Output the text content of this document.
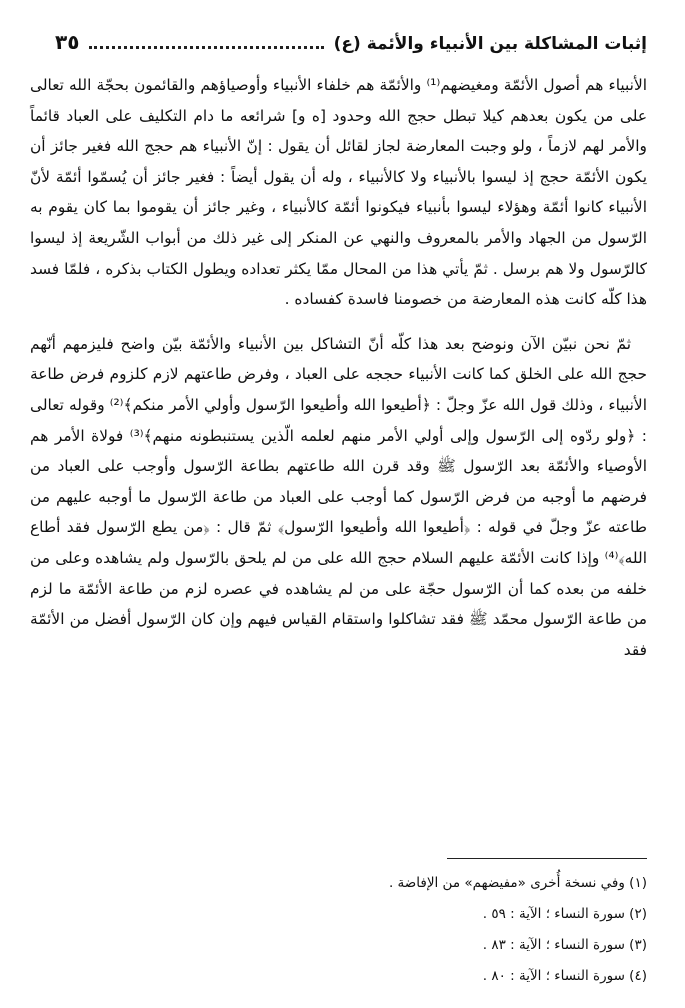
إثبات المشاكلة بين الأنبياء والأئمة (ع)
٣٥

الأنبياء هم أصول الأئمّة ومغيضهم⁽¹⁾ والأئمّة هم خلفاء الأنبياء وأوصياؤهم والقائمون بحجّة الله تعالى على من يكون بعدهم كيلا تبطل حجج الله وحدود [ه و] شرائعه ما دام التكليف على العباد قائماً والأمر لهم لازماً ، ولو وجبت المعارضة لجاز لقائل أن يقول : إنّ الأنبياء هم حجج الله فغير جائز أن يكون الأئمّة حجج إذ ليسوا بالأنبياء ولا كالأنبياء ، وله أن يقول أيضاً : فغير جائز أن يُسمّوا أئمّة لأنّ الأنبياء كانوا أئمّة وهؤلاء ليسوا بأنبياء فيكونوا أئمّة كالأنبياء ، وغير جائز أن يقوموا بما كان يقوم به الرّسول من الجهاد والأمر بالمعروف والنهي عن المنكر إلى غير ذلك من أبواب الشّريعة إذ ليسوا كالرّسول ولا هم برسل . ثمّ يأتي هذا من المحال ممّا يكثر تعداده ويطول الكتاب بذكره ، فلمّا فسد هذا كلّه كانت هذه المعارضة من خصومنا فاسدة كفساده .

ثمّ نحن نبيّن الآن ونوضح بعد هذا كلّه أنّ التشاكل بين الأنبياء والأئمّة بيّن واضح فليزمهم أنّهم حجج الله على الخلق كما كانت الأنبياء حججه على العباد ، وفرض طاعتهم لازم كلزوم فرض طاعة الأنبياء ، وذلك قول الله عزّ وجلّ : ﴿أطيعوا الله وأطيعوا الرّسول وأولي الأمر منكم﴾⁽²⁾ وقوله تعالى : ﴿ولو ردّوه إلى الرّسول وإلى أولي الأمر منهم لعلمه الّذين يستنبطونه منهم﴾⁽³⁾ فولاة الأمر هم الأوصياء والأئمّة بعد الرّسول ﷺ وقد قرن الله طاعتهم بطاعة الرّسول وأوجب على العباد من فرضهم ما أوجبه من فرض الرّسول كما أوجب على العباد من طاعة الرّسول ما أوجبه عليهم من طاعته عزّ وجلّ في قوله : ﴿أطيعوا الله وأطيعوا الرّسول﴾ ثمّ قال : ﴿من يطع الرّسول فقد أطاع الله﴾⁽⁴⁾ وإذا كانت الأئمّة عليهم السلام حجج الله على من لم يلحق بالرّسول ولم يشاهده وعلى من خلفه من بعده كما أن الرّسول حجّة على من لم يشاهده في عصره لزم من طاعة الأئمّة ما لزم من طاعة الرّسول محمّد ﷺ فقد تشاكلوا واستقام القياس فيهم وإن كان الرّسول أفضل من الأئمّة فقد

(١) وفي نسخة أُخرى «مفيضهم» من الإفاضة .
(٢) سورة النساء ؛ الآية : ٥٩ .
(٣) سورة النساء ؛ الآية : ٨٣ .
(٤) سورة النساء ؛ الآية : ٨٠ .
